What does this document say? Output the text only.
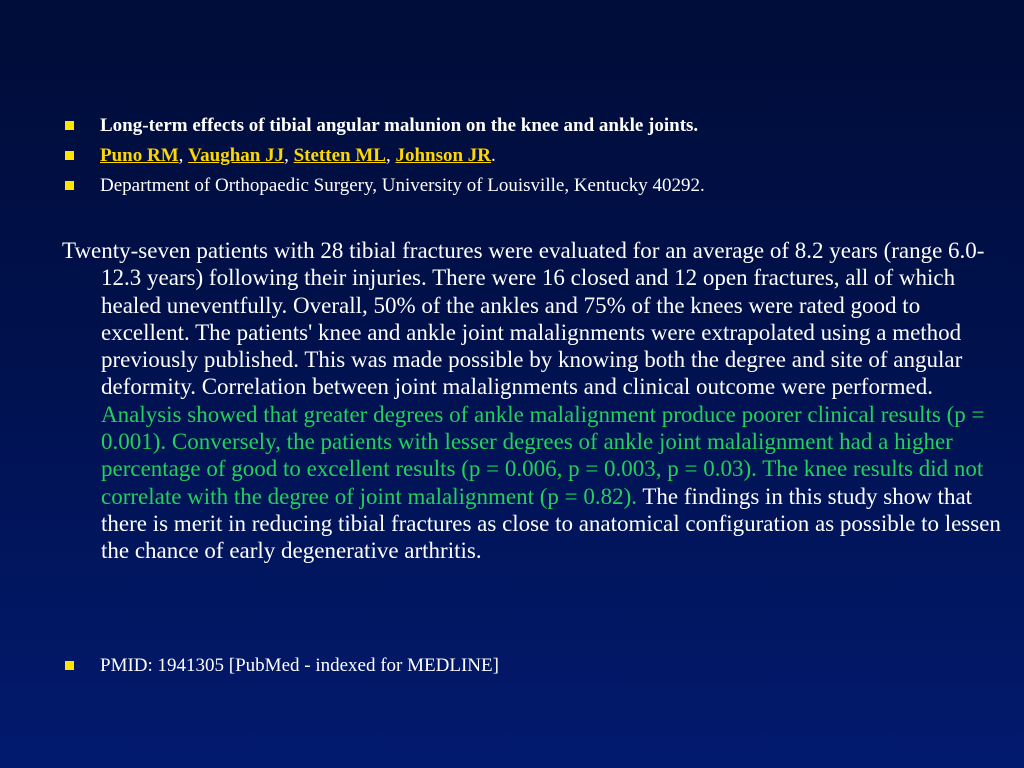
Long-term effects of tibial angular malunion on the knee and ankle joints.
Puno RM, Vaughan JJ, Stetten ML, Johnson JR.
Department of Orthopaedic Surgery, University of Louisville, Kentucky 40292.

Twenty-seven patients with 28 tibial fractures were evaluated for an average of 8.2 years (range 6.0-12.3 years) following their injuries. There were 16 closed and 12 open fractures, all of which healed uneventfully. Overall, 50% of the ankles and 75% of the knees were rated good to excellent. The patients' knee and ankle joint malalignments were extrapolated using a method previously published. This was made possible by knowing both the degree and site of angular deformity. Correlation between joint malalignments and clinical outcome were performed. Analysis showed that greater degrees of ankle malalignment produce poorer clinical results (p = 0.001). Conversely, the patients with lesser degrees of ankle joint malalignment had a higher percentage of good to excellent results (p = 0.006, p = 0.003, p = 0.03). The knee results did not correlate with the degree of joint malalignment (p = 0.82). The findings in this study show that there is merit in reducing tibial fractures as close to anatomical configuration as possible to lessen the chance of early degenerative arthritis.

PMID: 1941305 [PubMed - indexed for MEDLINE]
